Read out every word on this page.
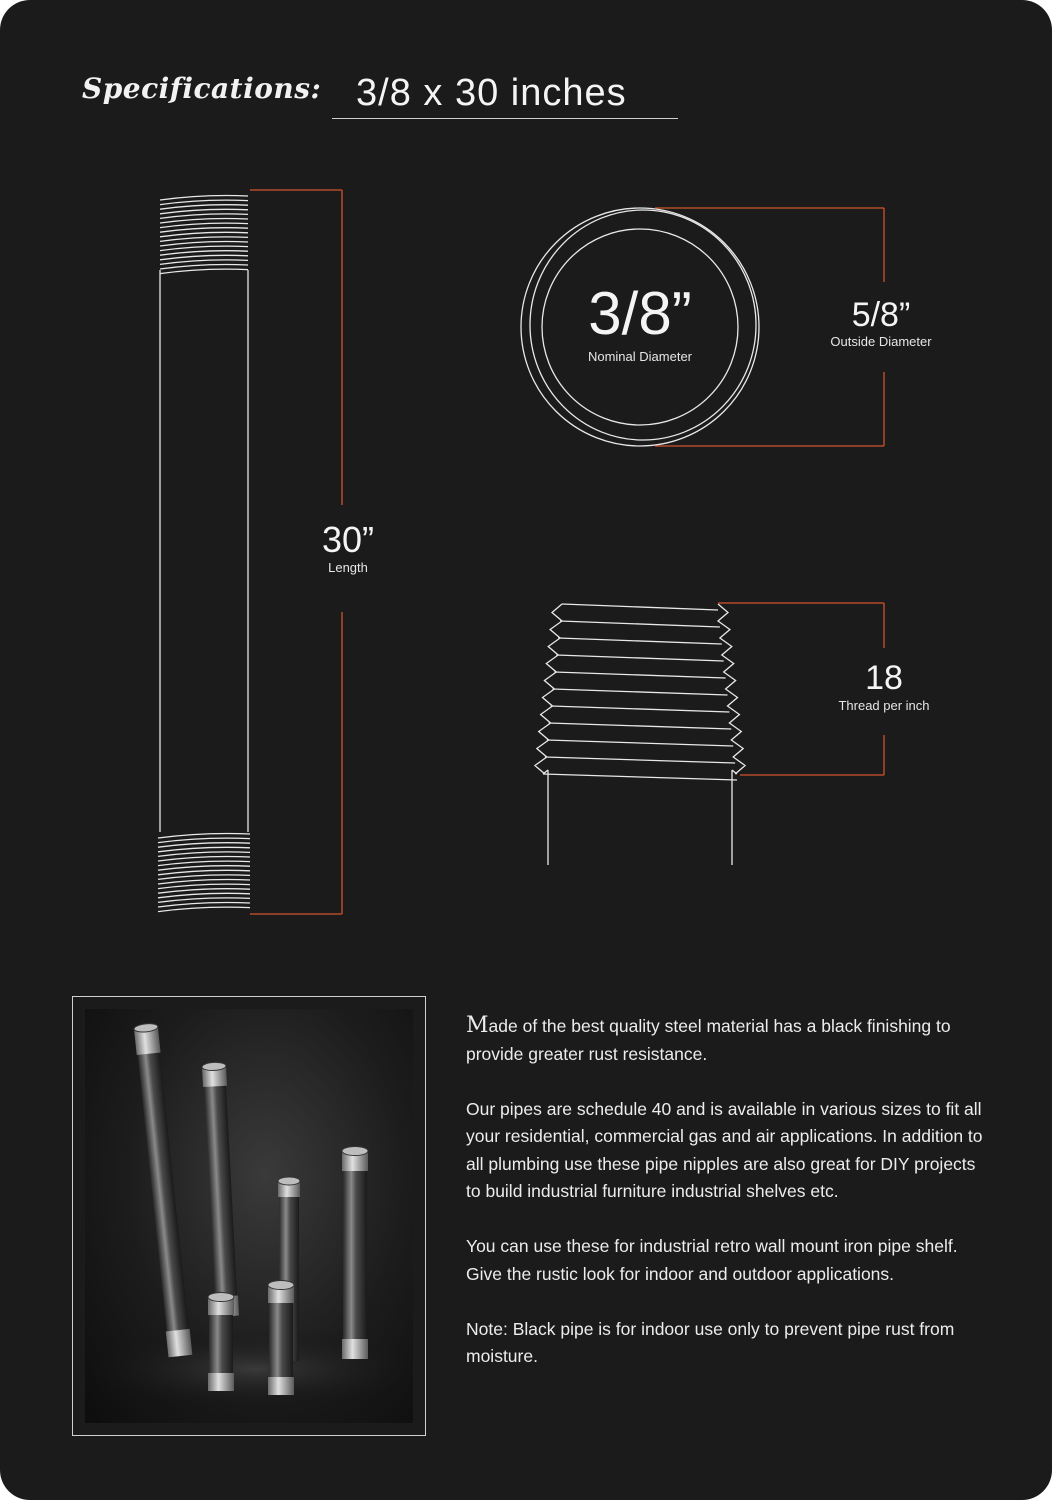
Specifications: 3/8 x 30 inches
30”
Length
3/8”
Nominal Diameter
5/8”
Outside Diameter
18
Thread per inch

Made of the best quality steel material has a black finishing to provide greater rust resistance.

Our pipes are schedule 40 and is available in various sizes to fit all your residential, commercial gas and air applications. In addition to all plumbing use these pipe nipples are also great for DIY projects to build industrial furniture industrial shelves etc.

You can use these for industrial retro wall mount iron pipe shelf. Give the rustic look for indoor and outdoor applications.

Note: Black pipe is for indoor use only to prevent pipe rust from moisture.
